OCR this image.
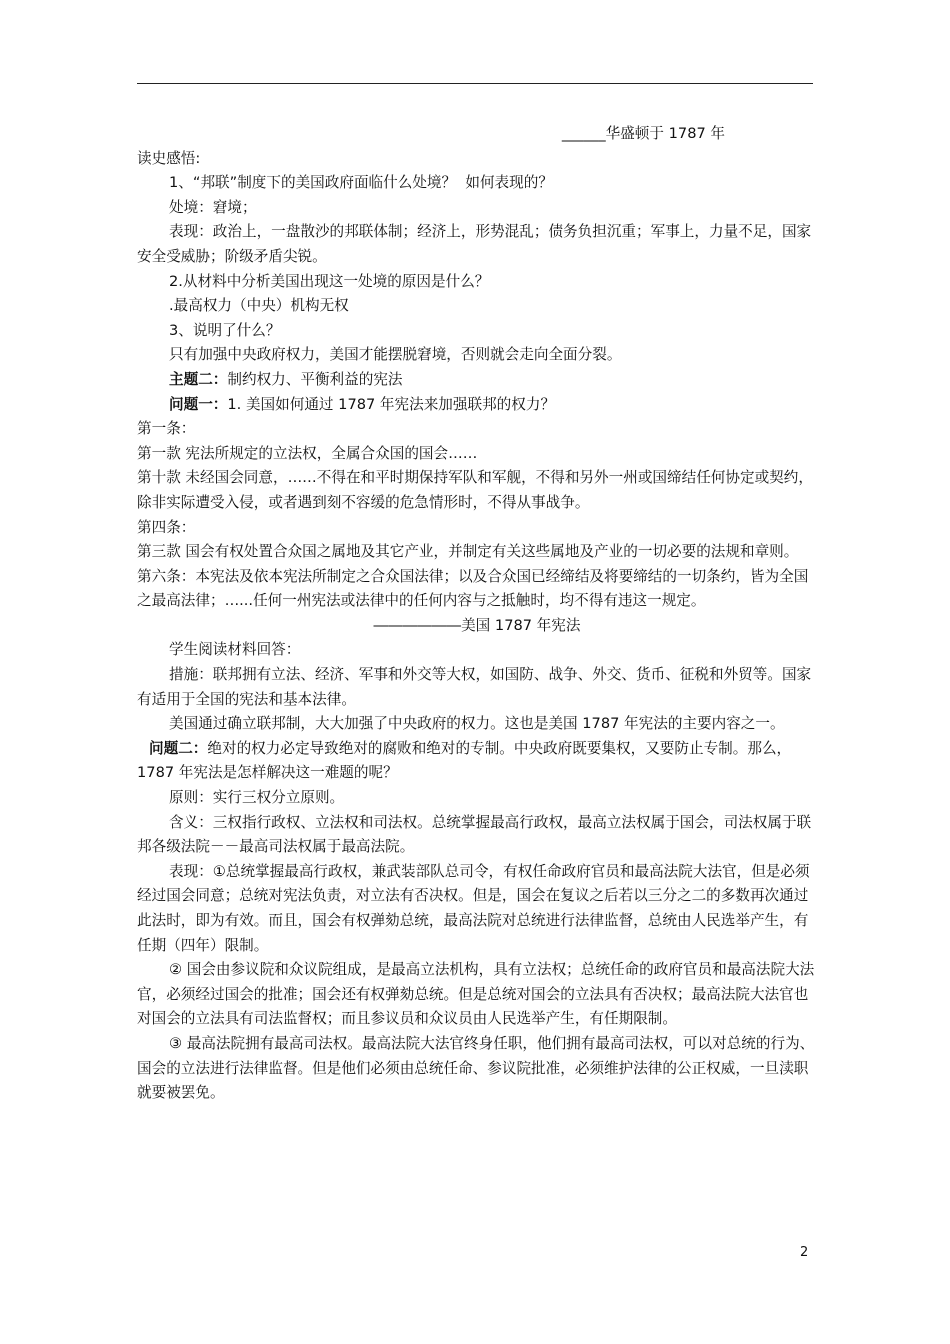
______华盛顿于 1787 年

读史感悟:

1、“邦联”制度下的美国政府面临什么处境？  如何表现的？

处境：窘境；

表现：政治上，一盘散沙的邦联体制；经济上，形势混乱；债务负担沉重；军事上，力量不足，国家安全受威胁；阶级矛盾尖锐。

2.从材料中分析美国出现这一处境的原因是什么？

.最高权力（中央）机构无权

3、说明了什么？

只有加强中央政府权力，美国才能摆脱窘境，否则就会走向全面分裂。

主题二：制约权力、平衡利益的宪法

问题一：1. 美国如何通过 1787 年宪法来加强联邦的权力？

第一条：

第一款 宪法所规定的立法权，全属合众国的国会……

第十款 未经国会同意，……不得在和平时期保持军队和军舰，不得和另外一州或国缔结任何协定或契约，除非实际遭受入侵，或者遇到刻不容缓的危急情形时，不得从事战争。

第四条：

第三款 国会有权处置合众国之属地及其它产业，并制定有关这些属地及产业的一切必要的法规和章则。

第六条：本宪法及依本宪法所制定之合众国法律；以及合众国已经缔结及将要缔结的一切条约，皆为全国之最高法律；…...任何一州宪法或法律中的任何内容与之抵触时，均不得有违这一规定。

――――――美国 1787 年宪法

学生阅读材料回答：

措施：联邦拥有立法、经济、军事和外交等大权，如国防、战争、外交、货币、征税和外贸等。国家有适用于全国的宪法和基本法律。

美国通过确立联邦制，大大加强了中央政府的权力。这也是美国 1787 年宪法的主要内容之一。

问题二：绝对的权力必定导致绝对的腐败和绝对的专制。中央政府既要集权，又要防止专制。那么，1787 年宪法是怎样解决这一难题的呢？

原则：实行三权分立原则。

含义：三权指行政权、立法权和司法权。总统掌握最高行政权，最高立法权属于国会，司法权属于联邦各级法院－－最高司法权属于最高法院。

表现：①总统掌握最高行政权，兼武装部队总司令，有权任命政府官员和最高法院大法官，但是必须经过国会同意；总统对宪法负责，对立法有否决权。但是，国会在复议之后若以三分之二的多数再次通过此法时，即为有效。而且，国会有权弹劾总统，最高法院对总统进行法律监督，总统由人民选举产生，有任期（四年）限制。

② 国会由参议院和众议院组成，是最高立法机构，具有立法权；总统任命的政府官员和最高法院大法官，必须经过国会的批准；国会还有权弹劾总统。但是总统对国会的立法具有否决权；最高法院大法官也对国会的立法具有司法监督权；而且参议员和众议员由人民选举产生，有任期限制。

③ 最高法院拥有最高司法权。最高法院大法官终身任职，他们拥有最高司法权，可以对总统的行为、国会的立法进行法律监督。但是他们必须由总统任命、参议院批准，必须维护法律的公正权威，一旦渎职就要被罢免。

2
